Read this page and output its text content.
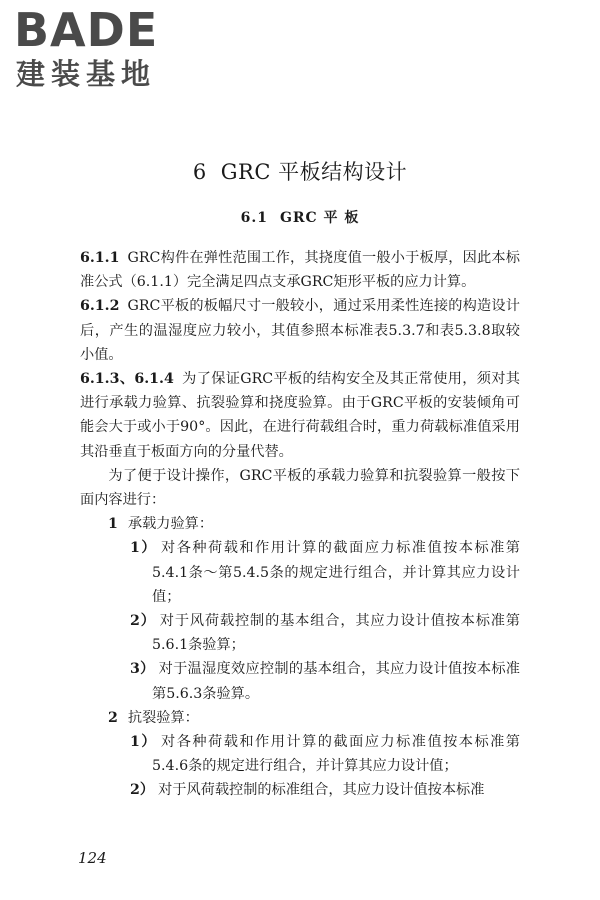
BADE
建装基地
6 GRC 平板结构设计
6.1 GRC 平 板

6.1.1 GRC构件在弹性范围工作，其挠度值一般小于板厚，因此本标准公式（6.1.1）完全满足四点支承GRC矩形平板的应力计算。

6.1.2 GRC平板的板幅尺寸一般较小，通过采用柔性连接的构造设计后，产生的温湿度应力较小，其值参照本标准表5.3.7和表5.3.8取较小值。

6.1.3、6.1.4 为了保证GRC平板的结构安全及其正常使用，须对其进行承载力验算、抗裂验算和挠度验算。由于GRC平板的安装倾角可能会大于或小于90°。因此，在进行荷载组合时，重力荷载标准值采用其沿垂直于板面方向的分量代替。

为了便于设计操作，GRC平板的承载力验算和抗裂验算一般按下面内容进行：

1 承载力验算：

1） 对各种荷载和作用计算的截面应力标准值按本标准第5.4.1条～第5.4.5条的规定进行组合，并计算其应力设计值；

2） 对于风荷载控制的基本组合，其应力设计值按本标准第5.6.1条验算；

3） 对于温湿度效应控制的基本组合，其应力设计值按本标准第5.6.3条验算。

2 抗裂验算：

1） 对各种荷载和作用计算的截面应力标准值按本标准第5.4.6条的规定进行组合，并计算其应力设计值；

2） 对于风荷载控制的标准组合，其应力设计值按本标准

124
